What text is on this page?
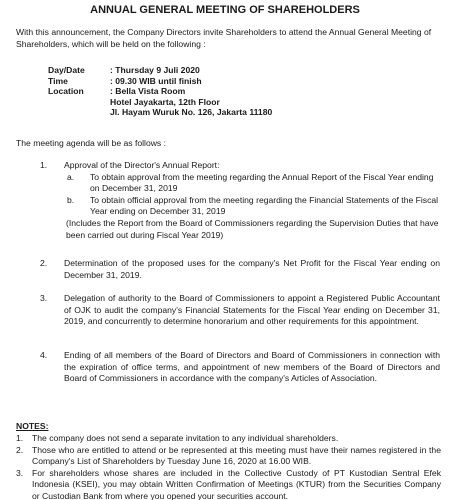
ANNUAL GENERAL MEETING OF SHAREHOLDERS
With this announcement, the Company Directors invite Shareholders to attend the Annual General Meeting of Shareholders, which will be held on the following :
Day/Date	: Thursday 9 Juli 2020
Time	: 09.30 WIB until finish
Location	: Bella Vista Room
Hotel Jayakarta, 12th Floor
Jl. Hayam Wuruk No. 126, Jakarta 11180
The meeting agenda will be as follows :
1.	Approval of the Director's Annual Report:
a. To obtain approval from the meeting regarding the Annual Report of the Fiscal Year ending on December 31, 2019
b. To obtain official approval from the meeting regarding the Financial Statements of the Fiscal Year ending on December 31, 2019
(Includes the Report from the Board of Commissioners regarding the Supervision Duties that have been carried out during Fiscal Year 2019)
2.	Determination of the proposed uses for the company's Net Profit for the Fiscal Year ending on December 31, 2019.
3.	Delegation of authority to the Board of Commissioners to appoint a Registered Public Accountant of OJK to audit the company's Financial Statements for the Fiscal Year ending on December 31, 2019, and concurrently to determine honorarium and other requirements for this appointment.
4.	Ending of all members of the Board of Directors and Board of Commissioners in connection with the expiration of office terms, and appointment of new members of the Board of Directors and Board of Commissioners in accordance with the company's Articles of Association.
NOTES:
1. The company does not send a separate invitation to any individual shareholders.
2. Those who are entitled to attend or be represented at this meeting must have their names registered in the Company's List of Shareholders by Tuesday June 16, 2020 at 16.00 WIB.
3. For shareholders whose shares are included in the Collective Custody of PT Kustodian Sentral Efek Indonesia (KSEI), you may obtain Written Confirmation of Meetings (KTUR) from the Securities Company or Custodian Bank from where you opened your securities account.
